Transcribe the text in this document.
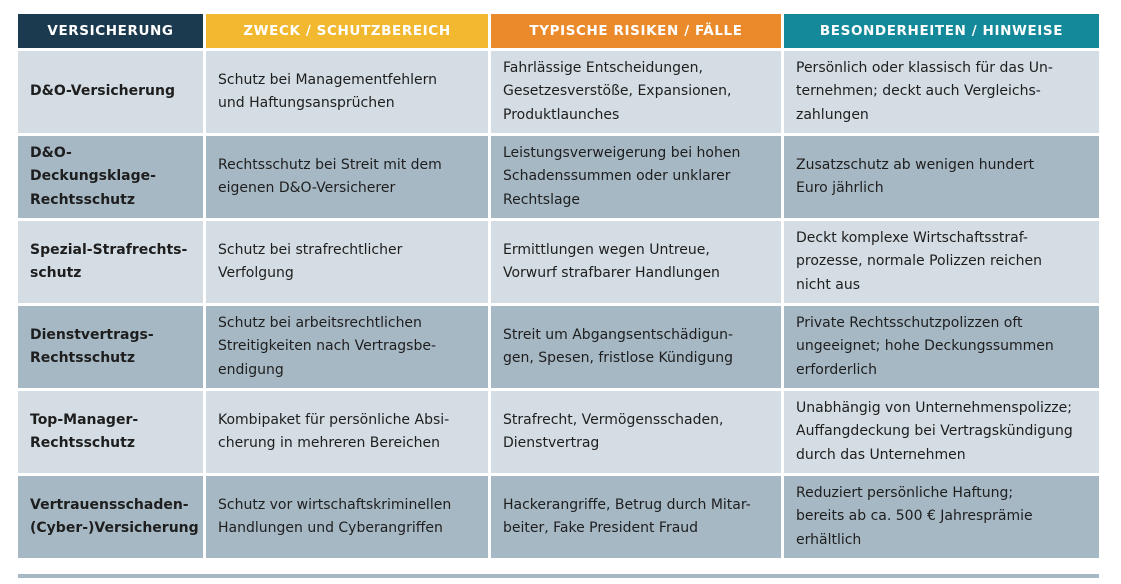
VERSICHERUNG	ZWECK / SCHUTZBEREICH	TYPISCHE RISIKEN / FÄLLE	BESONDERHEITEN / HINWEISE

D&O-Versicherung	Schutz bei Managementfehlern
und Haftungsansprüchen	Fahrlässige Entscheidungen,
Gesetzesverstöße, Expansionen,
Produktlaunches	Persönlich oder klassisch für das Un-
ternehmen; deckt auch Vergleichs-
zahlungen

D&O-Deckungsklage-
Rechtsschutz	Rechtsschutz bei Streit mit dem
eigenen D&O-Versicherer	Leistungsverweigerung bei hohen
Schadenssummen oder unklarer
Rechtslage	Zusatzschutz ab wenigen hundert
Euro jährlich

Spezial-Strafrechts-
schutz	Schutz bei strafrechtlicher
Verfolgung	Ermittlungen wegen Untreue,
Vorwurf strafbarer Handlungen	Deckt komplexe Wirtschaftsstraf-
prozesse, normale Polizzen reichen
nicht aus

Dienstvertrags-
Rechtsschutz	Schutz bei arbeitsrechtlichen
Streitigkeiten nach Vertragsbe-
endigung	Streit um Abgangsentschädigun-
gen, Spesen, fristlose Kündigung	Private Rechtsschutzpolizzen oft
ungeeignet; hohe Deckungssummen
erforderlich

Top-Manager-
Rechtsschutz	Kombipaket für persönliche Absi-
cherung in mehreren Bereichen	Strafrecht, Vermögensschaden,
Dienstvertrag	Unabhängig von Unternehmenspolizze; Auffangdeckung bei Vertragskündigung durch das Unternehmen

Vertrauensschaden-
(Cyber-)Versicherung	Schutz vor wirtschaftskriminellen
Handlungen und Cyberangriffen	Hackerangriffe, Betrug durch Mitar-
beiter, Fake President Fraud	Reduziert persönliche Haftung;
bereits ab ca. 500 € Jahresprämie
erhältlich
